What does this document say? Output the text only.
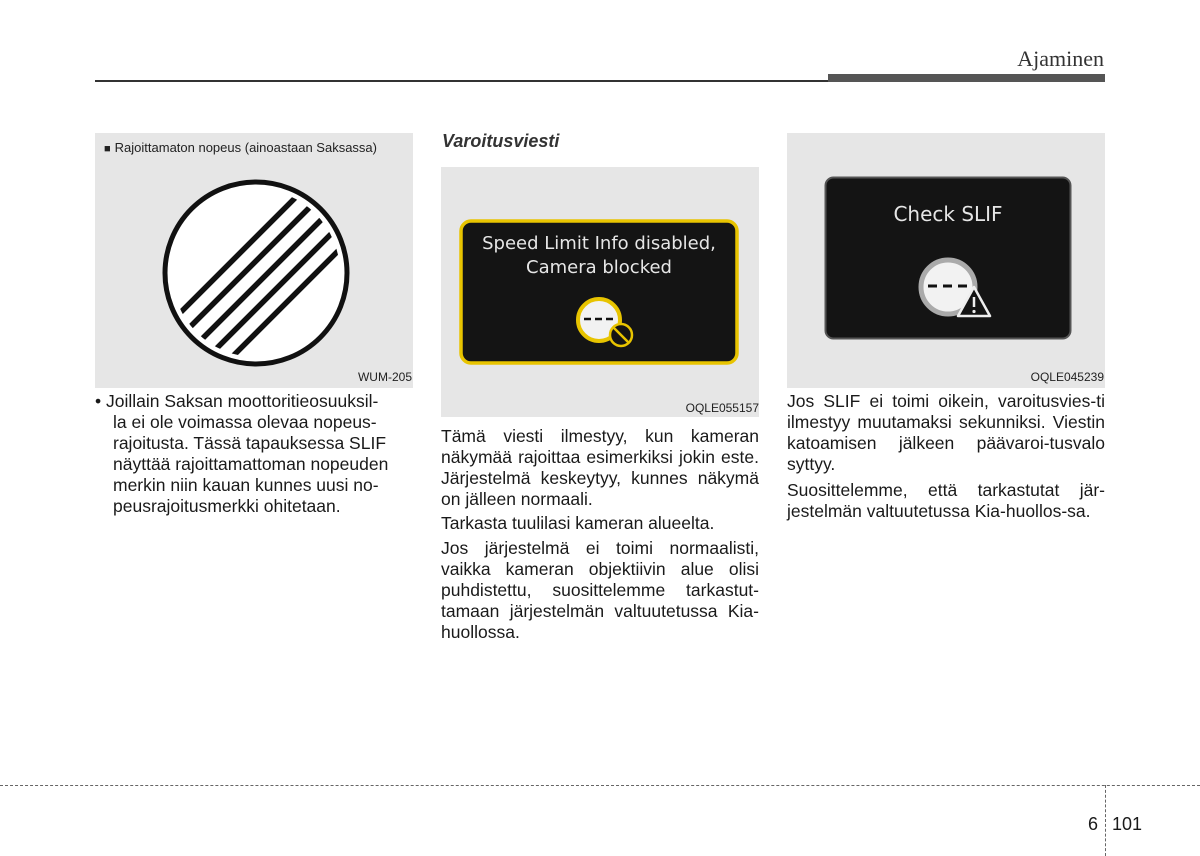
Ajaminen
■ Rajoittamaton nopeus (ainoastaan Saksassa)
WUM-205
• Joillain Saksan moottoritieosuuksil-
la ei ole voimassa olevaa nopeus-
rajoitusta. Tässä tapauksessa SLIF
näyttää rajoittamattoman nopeuden
merkin niin kauan kunnes uusi no-
peusrajoitusmerkki ohitetaan.
Varoitusviesti
Speed Limit Info disabled,
Camera blocked
OQLE055157
Tämä viesti ilmestyy, kun kameran näkymää rajoittaa esimerkiksi jokin este. Järjestelmä keskeytyy, kunnes näkymä on jälleen normaali.
Tarkasta tuulilasi kameran alueelta.
Jos järjestelmä ei toimi normaalisti, vaikka kameran objektiivin alue olisi puhdistettu, suosittelemme tarkastut-tamaan järjestelmän valtuutetussa Kia-huollossa.
Check SLIF
OQLE045239
Jos SLIF ei toimi oikein, varoitusvies-ti ilmestyy muutamaksi sekunniksi. Viestin katoamisen jälkeen päävaroi-tusvalo syttyy.
Suosittelemme, että tarkastutat jär-jestelmän valtuutetussa Kia-huollos-sa.
6 101
